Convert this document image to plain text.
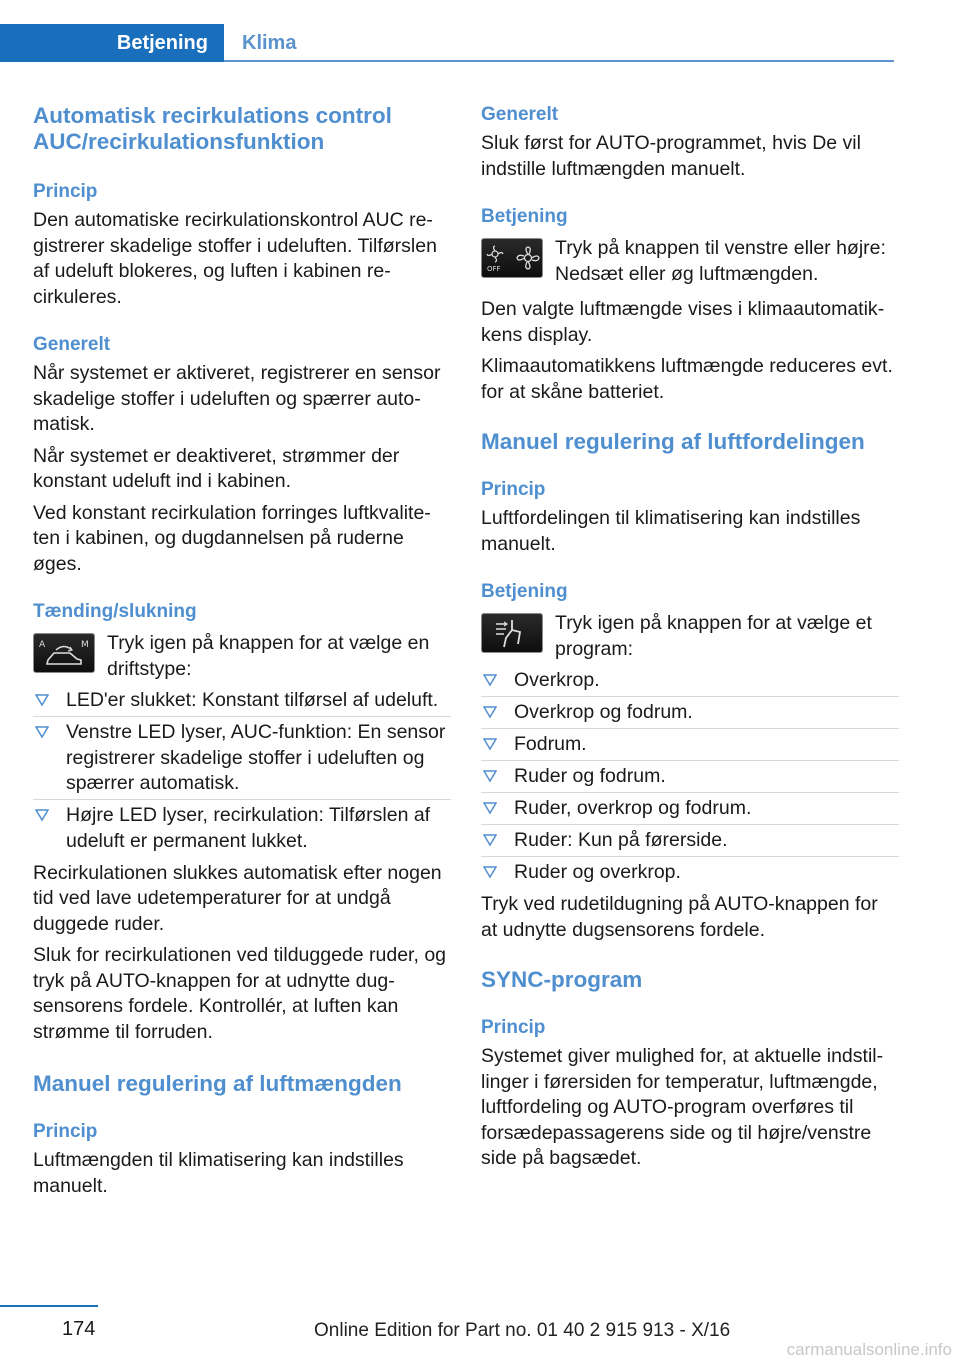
Betjening	Klima
Automatisk recirkulations control AUC/recirkulationsfunktion
Princip

Den automatiske recirkulationskontrol AUC registrerer skadelige stoffer i udeluften. Tilførslen af udeluft blokeres, og luften i kabinen recirkuleres.

Generelt

Når systemet er aktiveret, registrerer en sensor skadelige stoffer i udeluften og spærrer automatisk.

Når systemet er deaktiveret, strømmer der konstant udeluft ind i kabinen.

Ved konstant recirkulation forringes luftkvaliteten i kabinen, og dugdannelsen på ruderne øges.

Tænding/slukning
A	M Tryk igen på knappen for at vælge en driftstype:

LED'er slukket: Konstant tilførsel af udeluft.
Venstre LED lyser, AUC-funktion: En sensor registrerer skadelige stoffer i udeluften og spærrer automatisk.
Højre LED lyser, recirkulation: Tilførslen af udeluft er permanent lukket.

Recirkulationen slukkes automatisk efter nogen tid ved lave udetemperaturer for at undgå duggede ruder.

Sluk for recirkulationen ved tilduggede ruder, og tryk på AUTO-knappen for at udnytte dugsensorens fordele. Kontrollér, at luften kan strømme til forruden.

Manuel regulering af luftmængden
Princip

Luftmængden til klimatisering kan indstilles manuelt.

Generelt

Sluk først for AUTO-programmet, hvis De vil indstille luftmængden manuelt.

Betjening
OFF

Tryk på knappen til venstre eller højre: Nedsæt eller øg luftmængden.

Den valgte luftmængde vises i klimaautomatikkens display.

Klimaautomatikkens luftmængde reduceres evt. for at skåne batteriet.

Manuel regulering af luftfordelingen
Princip

Luftfordelingen til klimatisering kan indstilles manuelt.

Betjening

Tryk igen på knappen for at vælge et program:

Overkrop.
Overkrop og fodrum.
Fodrum.
Ruder og fodrum.
Ruder, overkrop og fodrum.
Ruder: Kun på førerside.
Ruder og overkrop.

Tryk ved rudetildugning på AUTO-knappen for at udnytte dugsensorens fordele.

SYNC-program
Princip

Systemet giver mulighed for, at aktuelle indstillinger i førersiden for temperatur, luftmængde, luftfordeling og AUTO-program overføres til forsædepassagerens side og til højre/venstre side på bagsædet.

174	Online Edition for Part no. 01 40 2 915 913 - X/16
carmanualsonline.info
